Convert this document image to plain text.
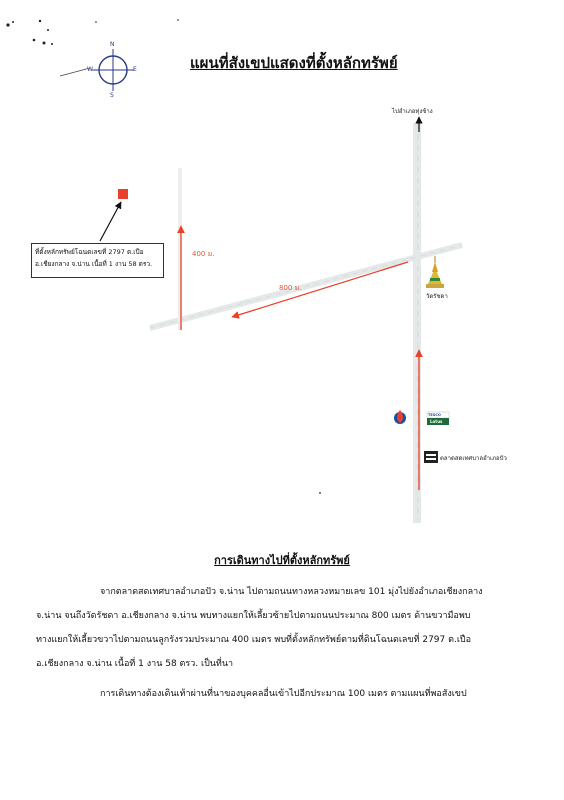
แผนที่สังเขปแสดงที่ตั้งหลักทรัพย์
N
S
E
W
ไปอำเภอทุ่งช้าง
400 ม.
800 ม.
วัดรัชดา
TESCO
Lotus
ตลาดสดเทศบาลอำเภอปัว
ที่ตั้งหลักทรัพย์โฉนดเลขที่ 2797 ต.เปือ
อ.เชียงกลาง จ.น่าน เนื้อที่ 1 งาน 58 ตรว.
การเดินทางไปที่ตั้งหลักทรัพย์
จากตลาดสดเทศบาลอำเภอปัว จ.น่าน ไปตามถนนทางหลวงหมายเลข 101 มุ่งไปยังอำเภอเชียงกลาง
จ.น่าน จนถึงวัดรัชดา อ.เชียงกลาง จ.น่าน พบทางแยกให้เลี้ยวซ้ายไปตามถนนประมาณ 800 เมตร ด้านขวามือพบ
ทางแยกให้เลี้ยวขวาไปตามถนนลูกรังรวมประมาณ 400 เมตร พบที่ตั้งหลักทรัพย์ตามที่ดินโฉนดเลขที่ 2797 ต.เปือ
อ.เชียงกลาง จ.น่าน เนื้อที่ 1 งาน 58 ตรว. เป็นที่นา
การเดินทางต้องเดินเท้าผ่านที่นาของบุคคลอื่นเข้าไปอีกประมาณ 100 เมตร ตามแผนที่พอสังเขป
